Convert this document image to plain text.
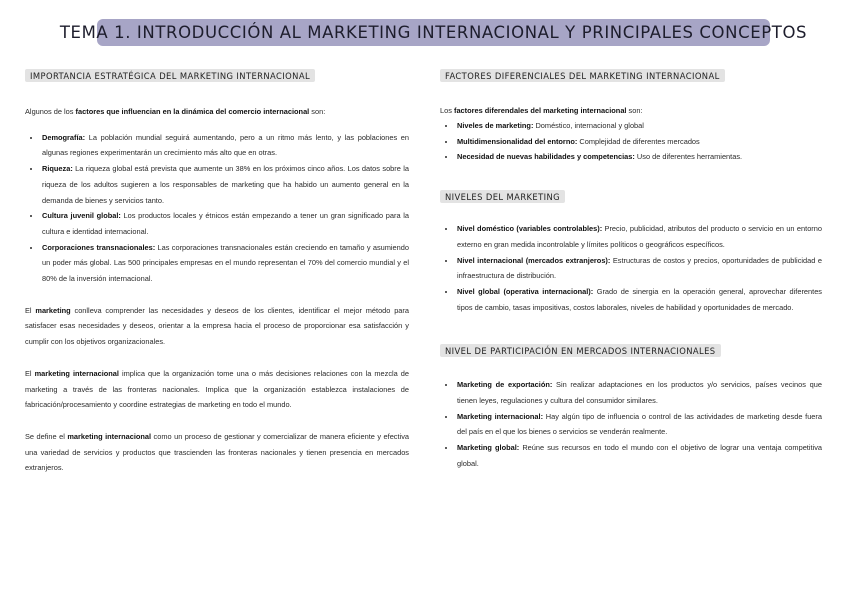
TEMA 1. INTRODUCCIÓN AL MARKETING INTERNACIONAL Y PRINCIPALES CONCEPTOS
IMPORTANCIA ESTRATÉGICA DEL MARKETING INTERNACIONAL

Algunos de los factores que influencian en la dinámica del comercio internacional son:

• Demografía: La población mundial seguirá aumentando, pero a un ritmo más lento, y las poblaciones en algunas regiones experimentarán un crecimiento más alto que en otras.
• Riqueza: La riqueza global está prevista que aumente un 38% en los próximos cinco años. Los datos sobre la riqueza de los adultos sugieren a los responsables de marketing que ha habido un aumento general en la demanda de bienes y servicios tanto.
• Cultura juvenil global: Los productos locales y étnicos están empezando a tener un gran significado para la cultura e identidad internacional.
• Corporaciones transnacionales: Las corporaciones transnacionales están creciendo en tamaño y asumiendo un poder más global. Las 500 principales empresas en el mundo representan el 70% del comercio mundial y el 80% de la inversión internacional.

El marketing conlleva comprender las necesidades y deseos de los clientes, identificar el mejor método para satisfacer esas necesidades y deseos, orientar a la empresa hacia el proceso de proporcionar esa satisfacción y cumplir con los objetivos organizacionales.

El marketing internacional implica que la organización tome una o más decisiones relaciones con la mezcla de marketing a través de las fronteras nacionales. Implica que la organización establezca instalaciones de fabricación/procesamiento y coordine estrategias de marketing en todo el mundo.

Se define el marketing internacional como un proceso de gestionar y comercializar de manera eficiente y efectiva una variedad de servicios y productos que trascienden las fronteras nacionales y tienen presencia en mercados extranjeros.

FACTORES DIFERENCIALES DEL MARKETING INTERNACIONAL

Los factores diferendales del marketing internacional son:

• Niveles de marketing: Doméstico, internacional y global
• Multidimensionalidad del entorno: Complejidad de diferentes mercados
• Necesidad de nuevas habilidades y competencias: Uso de diferentes herramientas.
NIVELES DEL MARKETING
• Nivel doméstico (variables controlables): Precio, publicidad, atributos del producto o servicio en un entorno externo en gran medida incontrolable y límites políticos o geográficos específicos.
• Nivel internacional (mercados extranjeros): Estructuras de costos y precios, oportunidades de publicidad e infraestructura de distribución.
• Nivel global (operativa internacional): Grado de sinergia en la operación general, aprovechar diferentes tipos de cambio, tasas impositivas, costos laborales, niveles de habilidad y oportunidades de mercado.
NIVEL DE PARTICIPACIÓN EN MERCADOS INTERNACIONALES
• Marketing de exportación: Sin realizar adaptaciones en los productos y/o servicios, países vecinos que tienen leyes, regulaciones y cultura del consumidor similares.
• Marketing internacional: Hay algún tipo de influencia o control de las actividades de marketing desde fuera del país en el que los bienes o servicios se venderán realmente.
• Marketing global: Reúne sus recursos en todo el mundo con el objetivo de lograr una ventaja competitiva global.
